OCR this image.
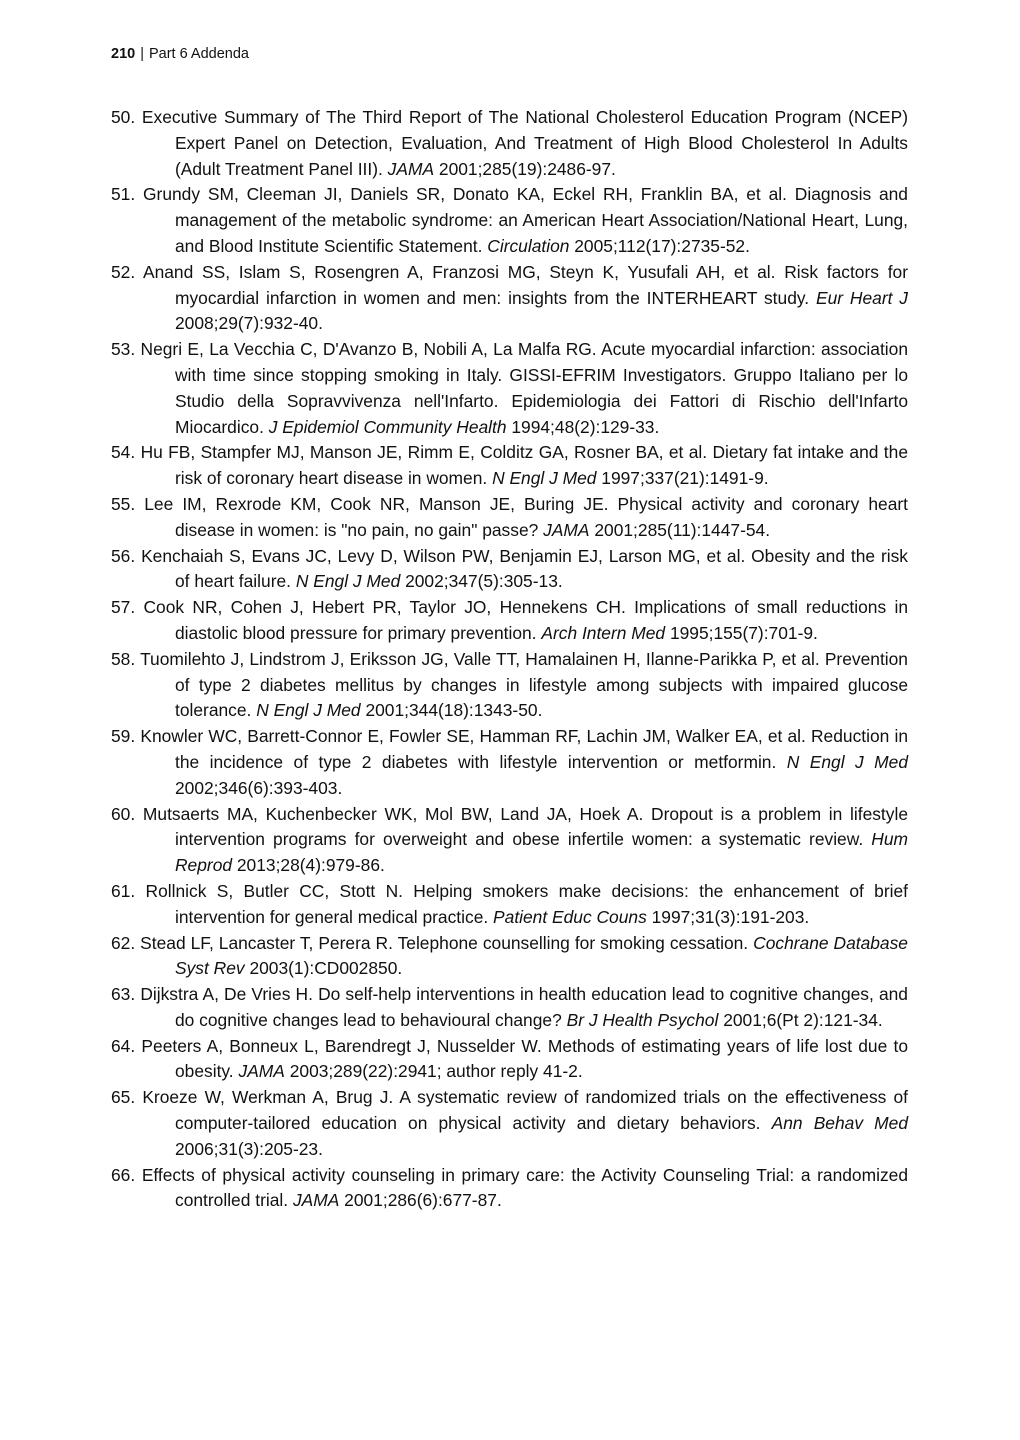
210 | Part 6 Addenda
50. Executive Summary of The Third Report of The National Cholesterol Education Program (NCEP) Expert Panel on Detection, Evaluation, And Treatment of High Blood Cholesterol In Adults (Adult Treatment Panel III). JAMA 2001;285(19):2486-97.
51. Grundy SM, Cleeman JI, Daniels SR, Donato KA, Eckel RH, Franklin BA, et al. Diagnosis and management of the metabolic syndrome: an American Heart Association/National Heart, Lung, and Blood Institute Scientific Statement. Circulation 2005;112(17):2735-52.
52. Anand SS, Islam S, Rosengren A, Franzosi MG, Steyn K, Yusufali AH, et al. Risk factors for myocardial infarction in women and men: insights from the INTERHEART study. Eur Heart J 2008;29(7):932-40.
53. Negri E, La Vecchia C, D'Avanzo B, Nobili A, La Malfa RG. Acute myocardial infarction: association with time since stopping smoking in Italy. GISSI-EFRIM Investigators. Gruppo Italiano per lo Studio della Sopravvivenza nell'Infarto. Epidemiologia dei Fattori di Rischio dell'Infarto Miocardico. J Epidemiol Community Health 1994;48(2):129-33.
54. Hu FB, Stampfer MJ, Manson JE, Rimm E, Colditz GA, Rosner BA, et al. Dietary fat intake and the risk of coronary heart disease in women. N Engl J Med 1997;337(21):1491-9.
55. Lee IM, Rexrode KM, Cook NR, Manson JE, Buring JE. Physical activity and coronary heart disease in women: is "no pain, no gain" passe? JAMA 2001;285(11):1447-54.
56. Kenchaiah S, Evans JC, Levy D, Wilson PW, Benjamin EJ, Larson MG, et al. Obesity and the risk of heart failure. N Engl J Med 2002;347(5):305-13.
57. Cook NR, Cohen J, Hebert PR, Taylor JO, Hennekens CH. Implications of small reductions in diastolic blood pressure for primary prevention. Arch Intern Med 1995;155(7):701-9.
58. Tuomilehto J, Lindstrom J, Eriksson JG, Valle TT, Hamalainen H, Ilanne-Parikka P, et al. Prevention of type 2 diabetes mellitus by changes in lifestyle among subjects with impaired glucose tolerance. N Engl J Med 2001;344(18):1343-50.
59. Knowler WC, Barrett-Connor E, Fowler SE, Hamman RF, Lachin JM, Walker EA, et al. Reduction in the incidence of type 2 diabetes with lifestyle intervention or metformin. N Engl J Med 2002;346(6):393-403.
60. Mutsaerts MA, Kuchenbecker WK, Mol BW, Land JA, Hoek A. Dropout is a problem in lifestyle intervention programs for overweight and obese infertile women: a systematic review. Hum Reprod 2013;28(4):979-86.
61. Rollnick S, Butler CC, Stott N. Helping smokers make decisions: the enhancement of brief intervention for general medical practice. Patient Educ Couns 1997;31(3):191-203.
62. Stead LF, Lancaster T, Perera R. Telephone counselling for smoking cessation. Cochrane Database Syst Rev 2003(1):CD002850.
63. Dijkstra A, De Vries H. Do self-help interventions in health education lead to cognitive changes, and do cognitive changes lead to behavioural change? Br J Health Psychol 2001;6(Pt 2):121-34.
64. Peeters A, Bonneux L, Barendregt J, Nusselder W. Methods of estimating years of life lost due to obesity. JAMA 2003;289(22):2941; author reply 41-2.
65. Kroeze W, Werkman A, Brug J. A systematic review of randomized trials on the effectiveness of computer-tailored education on physical activity and dietary behaviors. Ann Behav Med 2006;31(3):205-23.
66. Effects of physical activity counseling in primary care: the Activity Counseling Trial: a randomized controlled trial. JAMA 2001;286(6):677-87.
